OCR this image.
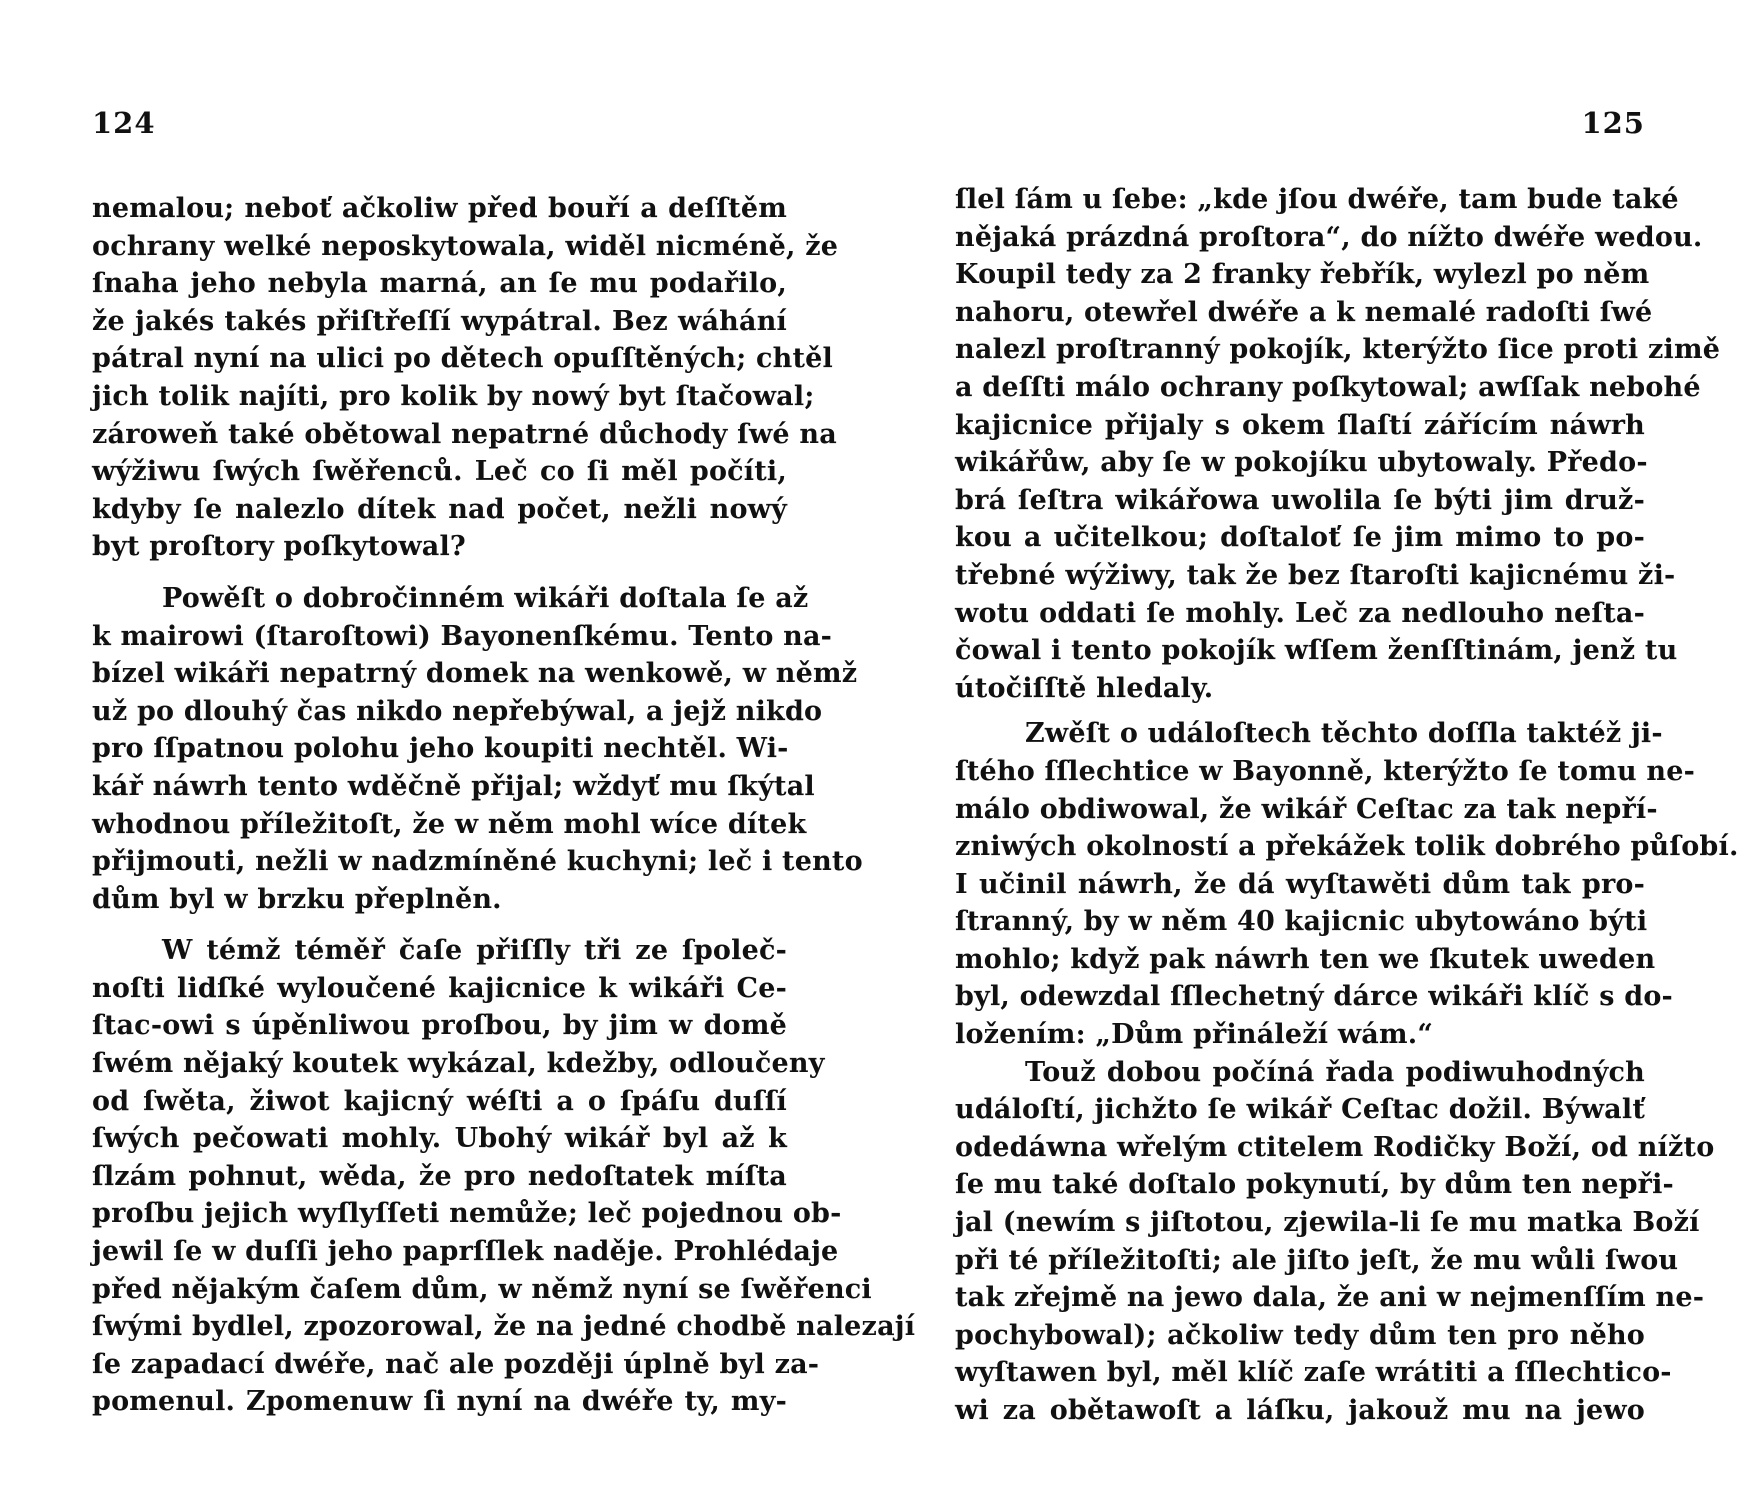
124
nemalou; neboť ačkoliw před bouří a deſſtěm
ochrany welké neposkytowala, widěl nicméně, že
ſnaha jeho nebyla marná, an ſe mu podařilo,
že jakés takés přiſtřeſſí wypátral. Bez wáhání
pátral nyní na ulici po dětech opuſſtěných; chtěl
jich tolik najíti, pro kolik by nowý byt ſtačowal;
zároweň také obětowal nepatrné důchody ſwé na
wýžiwu ſwých ſwěřenců. Leč co ſi měl počíti,
kdyby ſe nalezlo dítek nad počet, nežli nowý
byt proſtory poſkytowal?
Powěſt o dobročinném wikáři doſtala ſe až
k mairowi (ſtaroſtowi) Bayonenſkému. Tento na-
bízel wikáři nepatrný domek na wenkowě, w němž
už po dlouhý čas nikdo nepřebýwal, a jejž nikdo
pro ſſpatnou polohu jeho koupiti nechtěl. Wi-
kář náwrh tento wděčně přijal; wždyť mu ſkýtal
whodnou příležitoſt, že w něm mohl wíce dítek
přijmouti, nežli w nadzmíněné kuchyni; leč i tento
dům byl w brzku přeplněn.
W témž téměř čaſe přiſſly tři ze ſpoleč-
noſti lidſké wyloučené kajicnice k wikáři Ce-
ſtac-owi s úpěnliwou proſbou, by jim w domě
ſwém nějaký koutek wykázal, kdežby, odloučeny
od ſwěta, žiwot kajicný wéſti a o ſpáſu duſſí
ſwých pečowati mohly. Ubohý wikář byl až k
ſlzám pohnut, wěda, že pro nedoſtatek míſta
proſbu jejich wyſlyſſeti nemůže; leč pojednou ob-
jewil ſe w duſſi jeho paprſſlek naděje. Prohlédaje
před nějakým čaſem dům, w němž nyní se ſwěřenci
ſwými bydlel, zpozorowal, že na jedné chodbě nalezají
ſe zapadací dwéře, nač ale později úplně byl za-
pomenul. Zpomenuw ſi nyní na dwéře ty, my-
125
ſlel ſám u ſebe: „kde jſou dwéře, tam bude také
nějaká prázdná proſtora“, do nížto dwéře wedou.
Koupil tedy za 2 franky řebřík, wylezl po něm
nahoru, otewřel dwéře a k nemalé radoſti ſwé
nalezl proſtranný pokojík, kterýžto ſice proti zimě
a deſſti málo ochrany poſkytowal; awſſak nebohé
kajicnice přijaly s okem ſlaſtí zářícím náwrh
wikářůw, aby ſe w pokojíku ubytowaly. Předo-
brá ſeſtra wikářowa uwolila ſe býti jim druž-
kou a učitelkou; doſtaloť ſe jim mimo to po-
třebné wýžiwy, tak že bez ſtaroſti kajicnému ži-
wotu oddati ſe mohly. Leč za nedlouho neſta-
čowal i tento pokojík wſſem ženſſtinám, jenž tu
útočiſſtě hledaly.
Zwěſt o událoſtech těchto doſſla taktéž ji-
ſtého ſſlechtice w Bayonně, kterýžto ſe tomu ne-
málo obdiwowal, že wikář Ceſtac za tak nepří-
zniwých okolností a překážek tolik dobrého půſobí.
I učinil náwrh, že dá wyſtawěti dům tak pro-
ſtranný, by w něm 40 kajicnic ubytowáno býti
mohlo; když pak náwrh ten we ſkutek uweden
byl, odewzdal ſſlechetný dárce wikáři klíč s do-
ložením: „Dům přináleží wám.“
Touž dobou počíná řada podiwuhodných
událoſtí, jichžto ſe wikář Ceſtac dožil. Býwalť
odedáwna wřelým ctitelem Rodičky Boží, od nížto
ſe mu také doſtalo pokynutí, by dům ten nepři-
jal (newím s jiſtotou, zjewila-li ſe mu matka Boží
při té příležitoſti; ale jiſto jeſt, že mu wůli ſwou
tak zřejmě na jewo dala, že ani w nejmenſſím ne-
pochybowal); ačkoliw tedy dům ten pro něho
wyſtawen byl, měl klíč zaſe wrátiti a ſſlechtico-
wi za obětawoſt a láſku, jakouž mu na jewo
